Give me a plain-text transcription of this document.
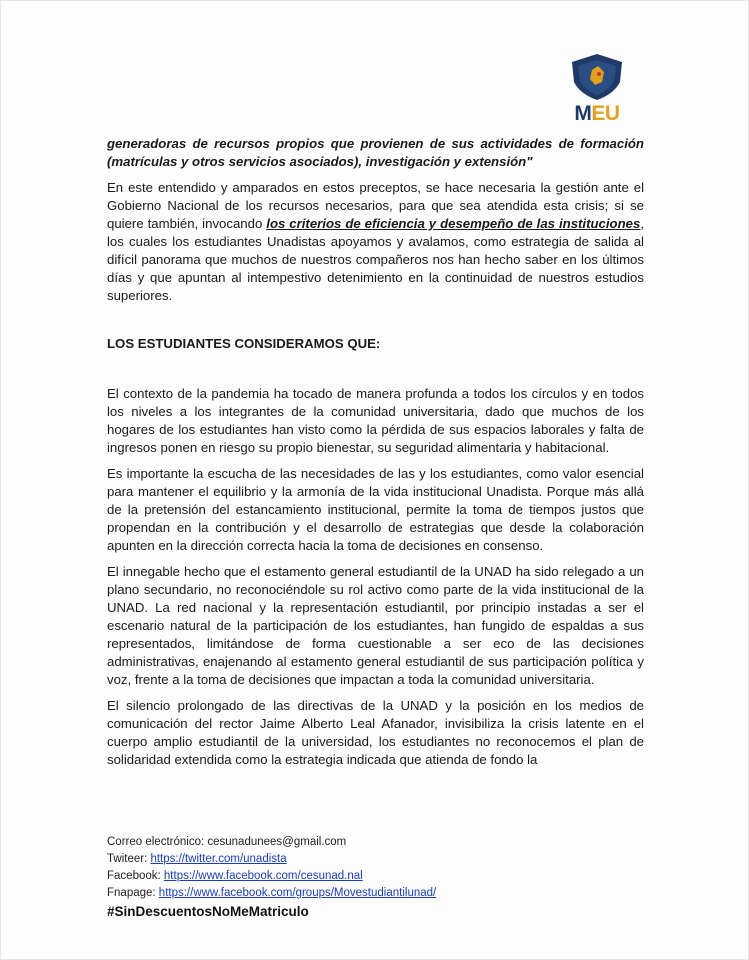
MEU

generadoras de recursos propios que provienen de sus actividades de formación (matrículas y otros servicios asociados), investigación y extensión"

En este entendido y amparados en estos preceptos, se hace necesaria la gestión ante el Gobierno Nacional de los recursos necesarios, para que sea atendida esta crisis; si se quiere también, invocando los criterios de eficiencia y desempeño de las instituciones, los cuales los estudiantes Unadistas apoyamos y avalamos, como estrategia de salida al difícil panorama que muchos de nuestros compañeros nos han hecho saber en los últimos días y que apuntan al intempestivo detenimiento en la continuidad de nuestros estudios superiores.

LOS ESTUDIANTES CONSIDERAMOS QUE:

El contexto de la pandemia ha tocado de manera profunda a todos los círculos y en todos los niveles a los integrantes de la comunidad universitaria, dado que muchos de los hogares de los estudiantes han visto como la pérdida de sus espacios laborales y falta de ingresos ponen en riesgo su propio bienestar, su seguridad alimentaria y habitacional.

Es importante la escucha de las necesidades de las y los estudiantes, como valor esencial para mantener el equilibrio y la armonía de la vida institucional Unadista. Porque más allá de la pretensión del estancamiento institucional, permite la toma de tiempos justos que propendan en la contribución y el desarrollo de estrategias que desde la colaboración apunten en la dirección correcta hacia la toma de decisiones en consenso.

El innegable hecho que el estamento general estudiantil de la UNAD ha sido relegado a un plano secundario, no reconociéndole su rol activo como parte de la vida institucional de la UNAD. La red nacional y la representación estudiantil, por principio instadas a ser el escenario natural de la participación de los estudiantes, han fungido de espaldas a sus representados, limitándose de forma cuestionable a ser eco de las decisiones administrativas, enajenando al estamento general estudiantil de sus participación política y voz, frente a la toma de decisiones que impactan a toda la comunidad universitaria.

El silencio prolongado de las directivas de la UNAD y la posición en los medios de comunicación del rector Jaime Alberto Leal Afanador, invisibiliza la crisis latente en el cuerpo amplio estudiantil de la universidad, los estudiantes no reconocemos el plan de solidaridad extendida como la estrategia indicada que atienda de fondo la

Correo electrónico: cesunadunees@gmail.com
Twiteer: https://twitter.com/unadista
Facebook: https://www.facebook.com/cesunad.nal
Fnapage: https://www.facebook.com/groups/Movestudiantilunad/
#SinDescuentosNoMeMatriculo
